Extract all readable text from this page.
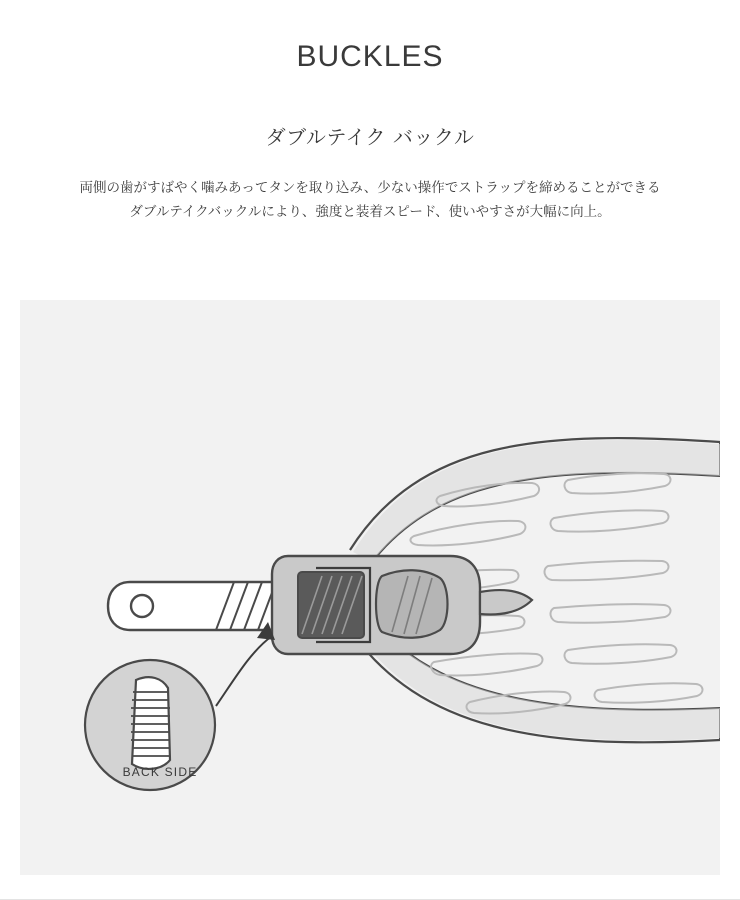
BUCKLES
ダブルテイク バックル

両側の歯がすばやく噛みあってタンを取り込み、少ない操作でストラップを締めることができる
ダブルテイクバックルにより、強度と装着スピード、使いやすさが大幅に向上。

BACK SIDE
